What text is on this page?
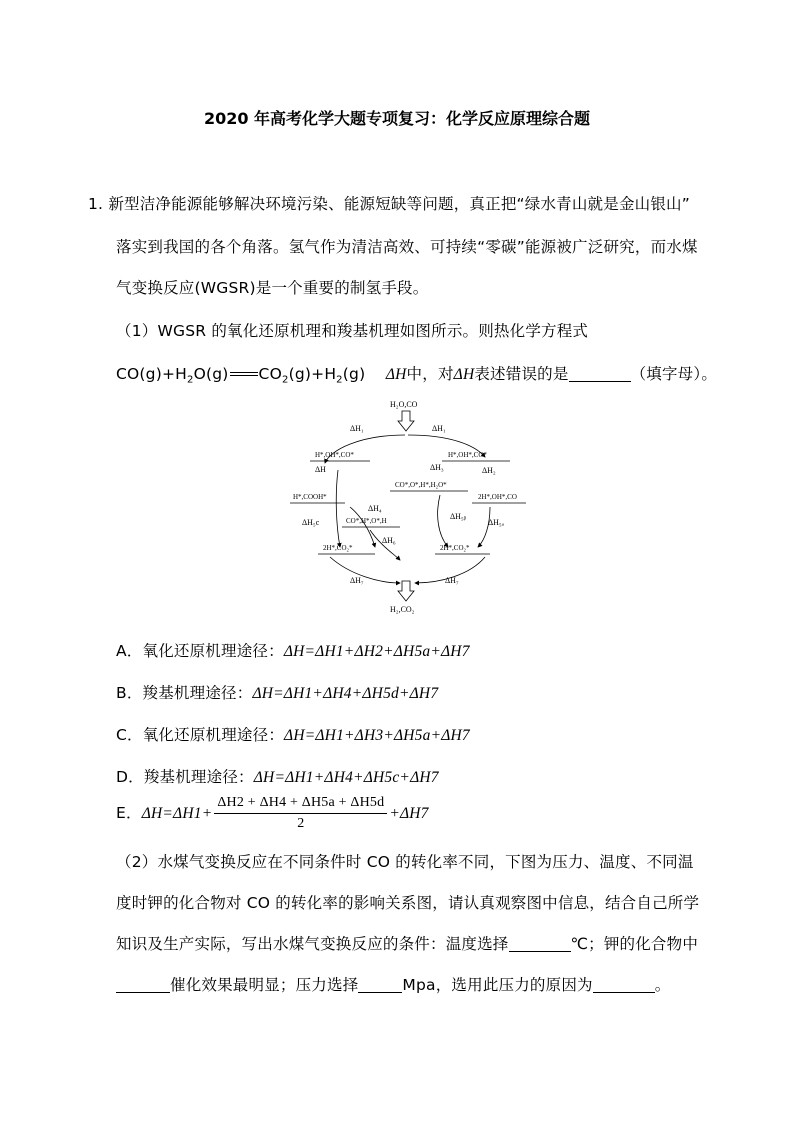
2020 年高考化学大题专项复习：化学反应原理综合题
1. 新型洁净能源能够解决环境污染、能源短缺等问题，真正把“绿水青山就是金山银山”
落实到我国的各个角落。氢气作为清洁高效、可持续“零碳”能源被广泛研究，而水煤
气变换反应(WGSR)是一个重要的制氢手段。
（1）WGSR 的氧化还原机理和羧基机理如图所示。则热化学方程式
$CO(g)+H_2O(g)$ $CO_2(g)+H_2(g)$ ΔH中，对ΔH表述错误的是	（填字母）。
H₂O,CO
ΔH₁	ΔH₁
H*,OH*,CO*
ΔH
H*,OH*,CO*
ΔH₃	ΔH₂
CO*,O*,H*,H₂O*
H*,COOH*	2H*,OH*,CO
ΔH₄
CO*,H*,O*,H
ΔH₅c
ΔH₅ᵦ
ΔH₅ₐ
ΔH₆
2H*,CO₂*	2H*,CO₂*
ΔH₇	ΔH₇
H₂,CO₂
A．氧化还原机理途径：ΔH=ΔH1+ΔH2+ΔH5a+ΔH7
B．羧基机理途径：ΔH=ΔH1+ΔH4+ΔH5d+ΔH7
C．氧化还原机理途径：ΔH=ΔH1+ΔH3+ΔH5a+ΔH7
D．羧基机理途径：ΔH=ΔH1+ΔH4+ΔH5c+ΔH7
E．$\Delta H=\Delta H1+ \frac{\Delta H2 + \Delta H4 + \Delta H5a + \Delta H5d}{2} +\Delta H7$
（2）水煤气变换反应在不同条件时 CO 的转化率不同，下图为压力、温度、不同温
度时钾的化合物对 CO 的转化率的影响关系图，请认真观察图中信息，结合自己所学
知识及生产实际，写出水煤气变换反应的条件：温度选择	℃；钾的化合物中
催化效果最明显；压力选择	Mpa，选用此压力的原因为	。
